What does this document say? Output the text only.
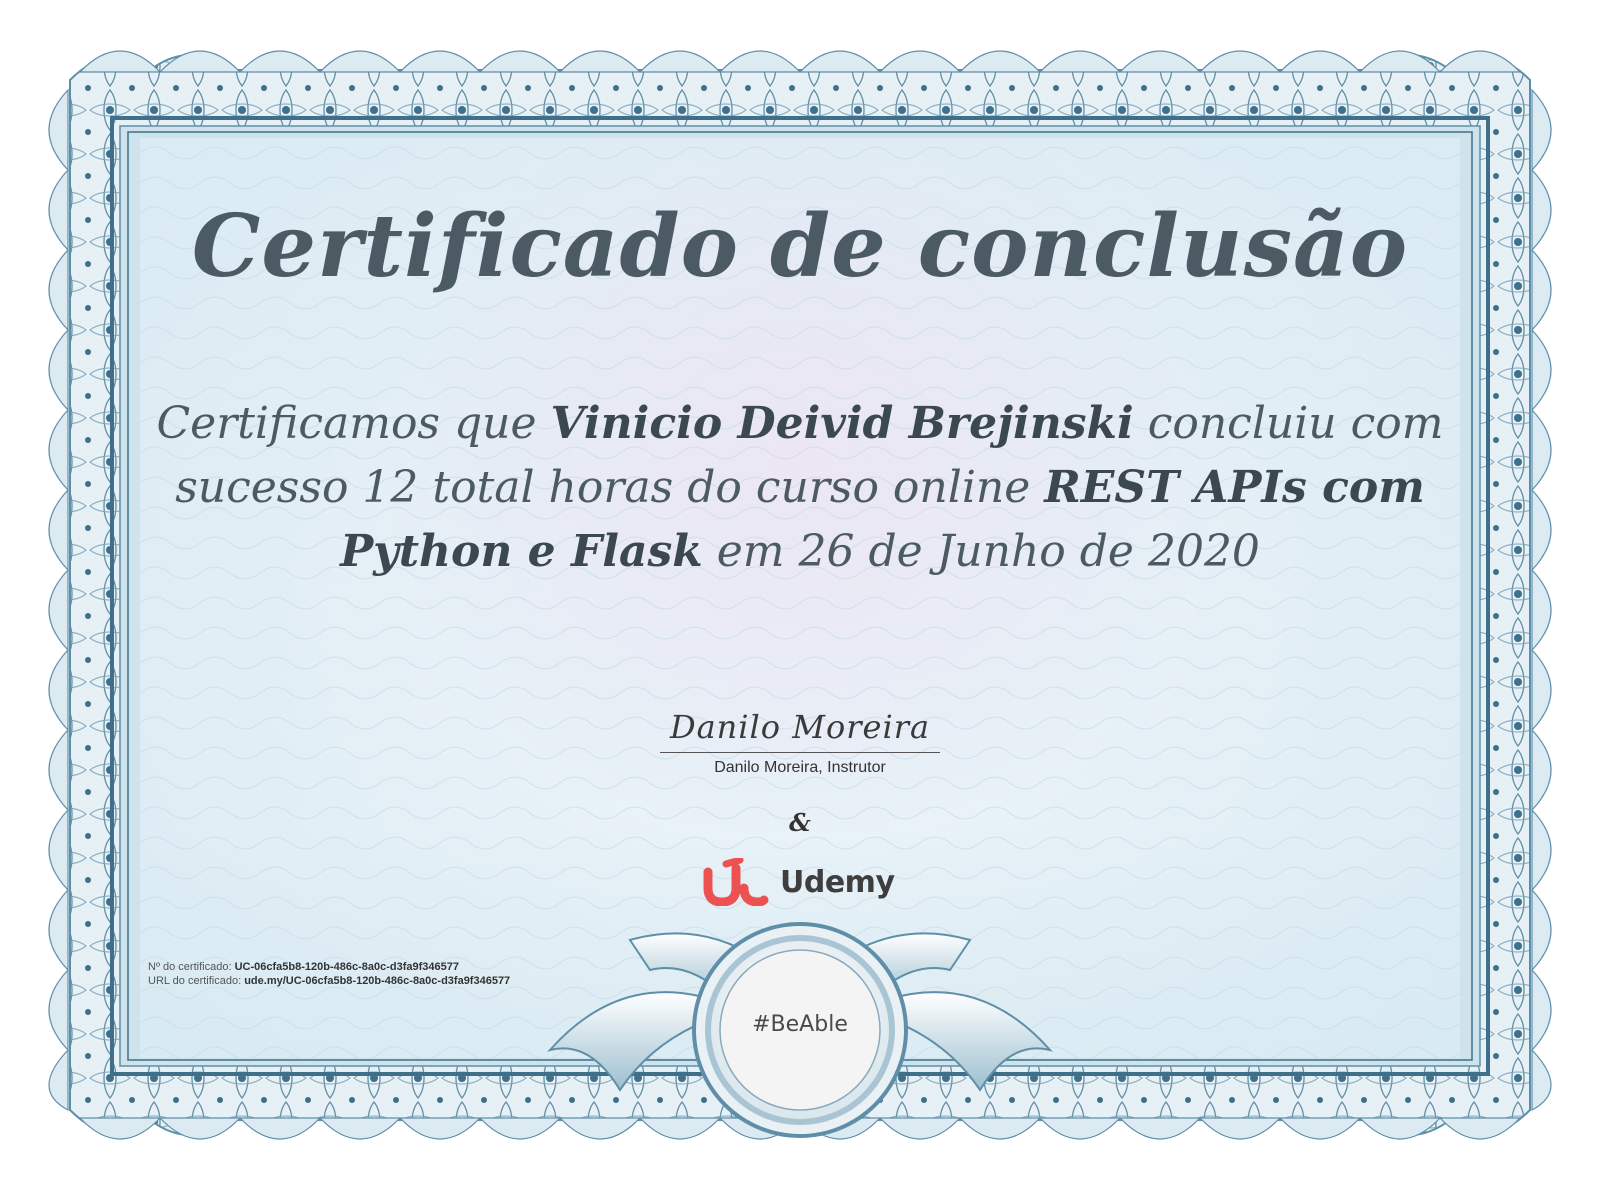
Certificado de conclusão

Certificamos que Vinicio Deivid Brejinski concluiu com sucesso 12 total horas do curso online REST APIs com Python e Flask em 26 de Junho de 2020

Danilo Moreira
Danilo Moreira, Instrutor
&
Udemy
Nº do certificado: UC-06cfa5b8-120b-486c-8a0c-d3fa9f346577
URL do certificado: ude.my/UC-06cfa5b8-120b-486c-8a0c-d3fa9f346577
#BeAble
